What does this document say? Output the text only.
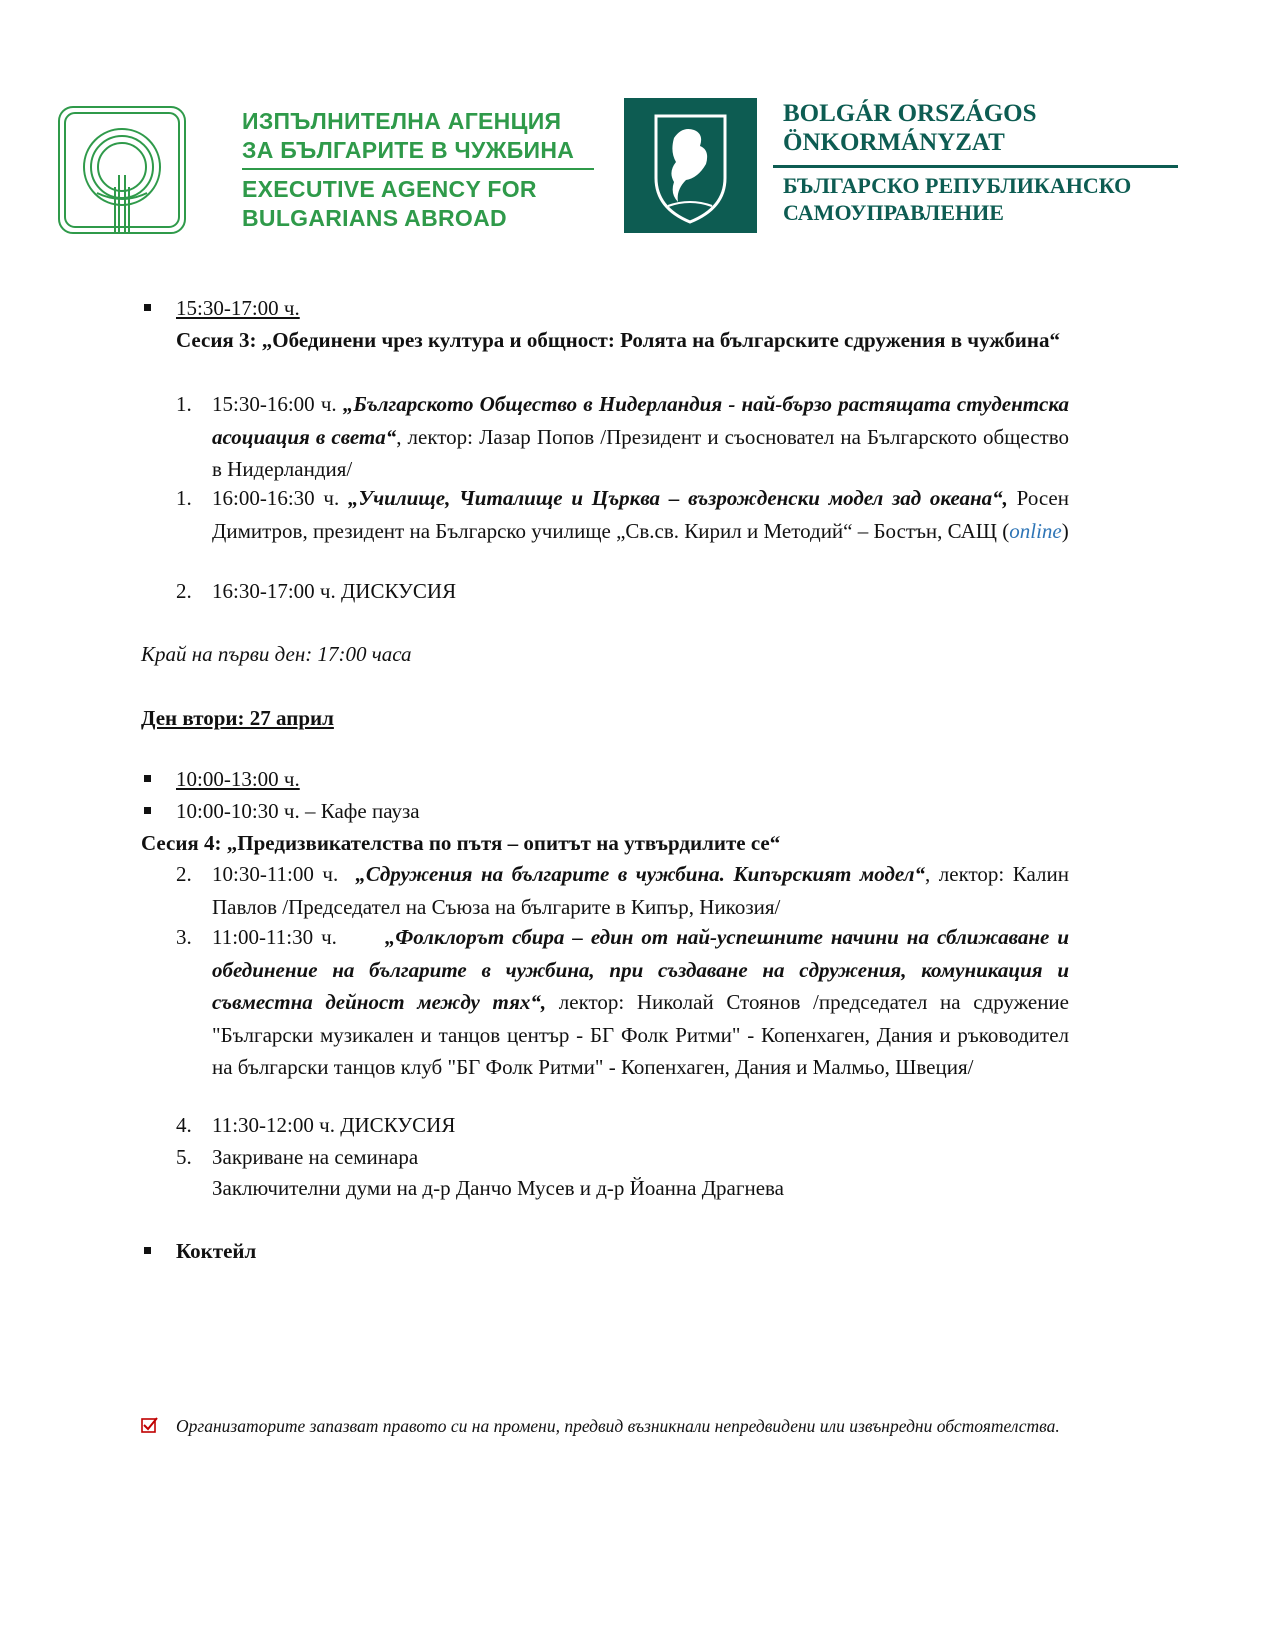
ИЗПЪЛНИТЕЛНА АГЕНЦИЯ
ЗА БЪЛГАРИТЕ В ЧУЖБИНА
EXECUTIVE AGENCY FOR
BULGARIANS ABROAD
BOLGÁR ORSZÁGOS
ÖNKORMÁNYZAT
БЪЛГАРСКО РЕПУБЛИКАНСКО
САМОУПРАВЛЕНИЕ
15:30-17:00 ч.
Сесия 3: „Обединени чрез култура и общност: Ролята на българските сдружения в чужбина“
1. 15:30-16:00 ч. „Българското Общество в Нидерландия - най-бързо растящата студентска асоциация в света“, лектор: Лазар Попов /Президент и съосновател на Българското общество в Нидерландия/
1. 16:00-16:30 ч. „Училище, Читалище и Църква – възрожденски модел зад океана“, Росен Димитров, президент на Българско училище „Св.св. Кирил и Методий“ – Бостън, САЩ (online)
2. 16:30-17:00 ч. ДИСКУСИЯ
Край на първи ден: 17:00 часа
Ден втори: 27 април
10:00-13:00 ч.
10:00-10:30 ч. – Кафе пауза
Сесия 4: „Предизвикателства по пътя – опитът на утвърдилите се“
2. 10:30-11:00 ч. „Сдружения на българите в чужбина. Кипърският модел“, лектор: Калин Павлов /Председател на Съюза на българите в Кипър, Никозия/
3. 11:00-11:30 ч. „Фолклорът сбира – един от най-успешните начини на сближаване и обединение на българите в чужбина, при създаване на сдружения, комуникация и съвместна дейност между тях“, лектор: Николай Стоянов /председател на сдружение "Български музикален и танцов център - БГ Фолк Ритми" - Копенхаген, Дания и ръководител на български танцов клуб "БГ Фолк Ритми" - Копенхаген, Дания и Малмьо, Швеция/
4. 11:30-12:00 ч. ДИСКУСИЯ
5. Закриване на семинара
Заключителни думи на д-р Данчо Мусев и д-р Йоанна Драгнева
Коктейл
Организаторите запазват правото си на промени, предвид възникнали непредвидени или извънредни обстоятелства.
